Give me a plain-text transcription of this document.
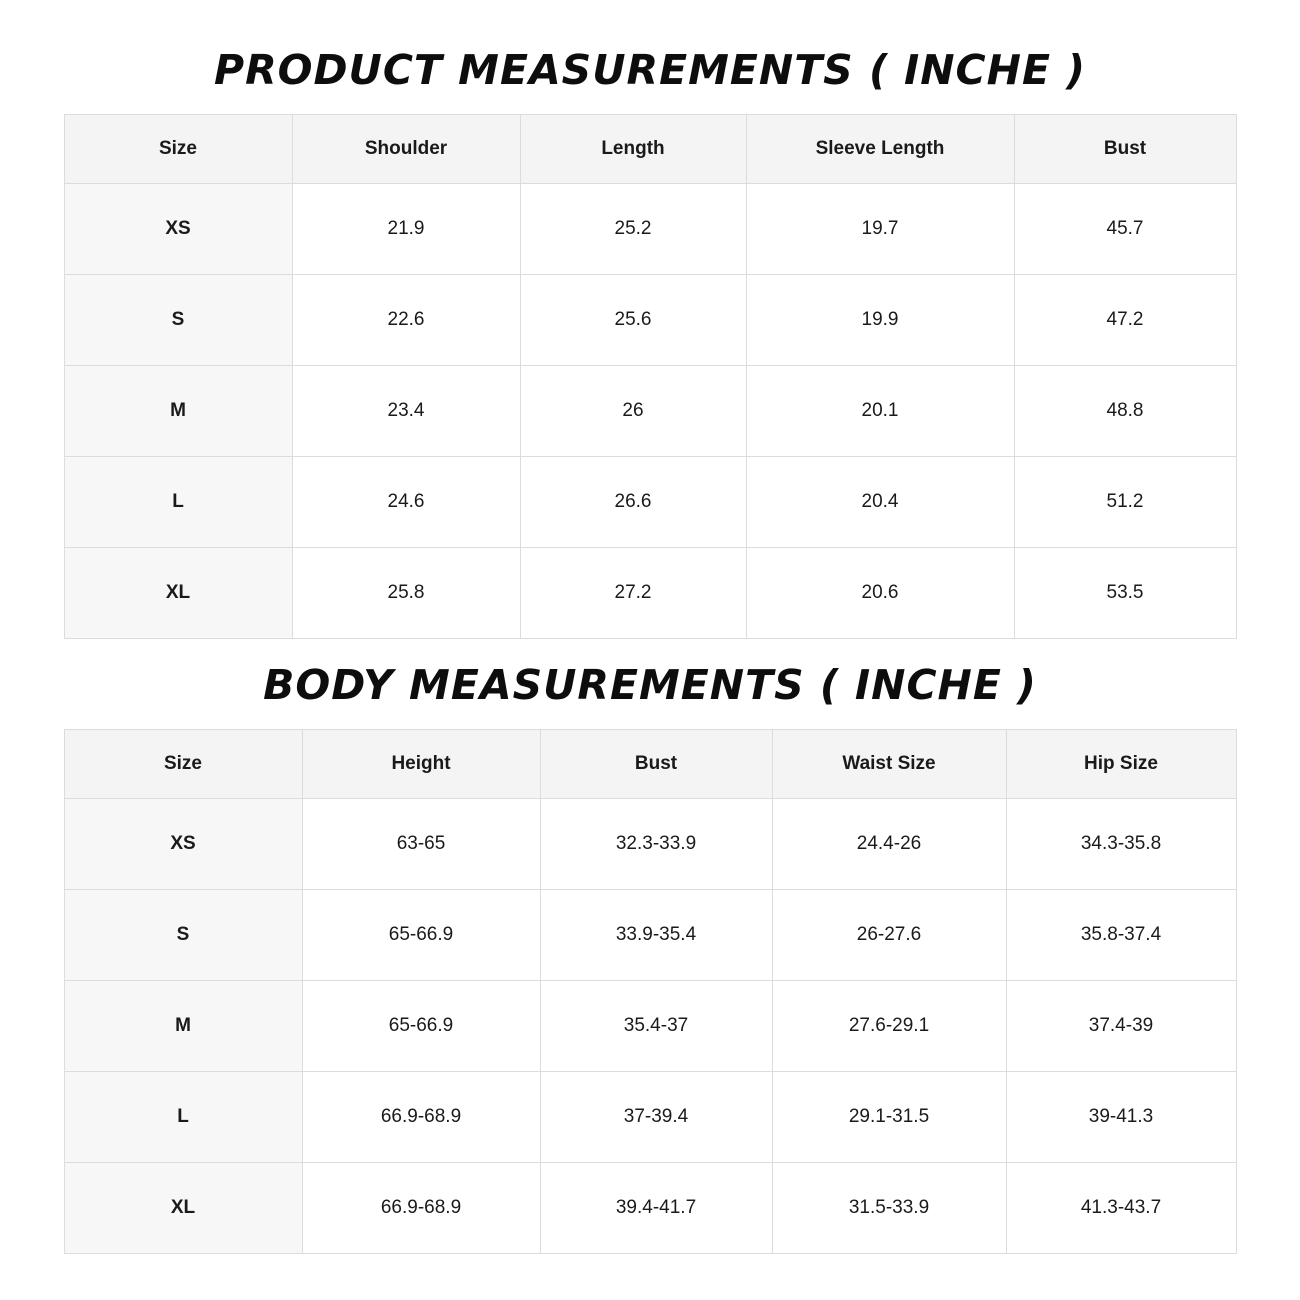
PRODUCT MEASUREMENTS ( INCHE )
Size	Shoulder	Length	Sleeve Length	Bust
XS	21.9	25.2	19.7	45.7
S	22.6	25.6	19.9	47.2
M	23.4	26	20.1	48.8
L	24.6	26.6	20.4	51.2
XL	25.8	27.2	20.6	53.5
BODY MEASUREMENTS ( INCHE )
Size	Height	Bust	Waist Size	Hip Size
XS	63-65	32.3-33.9	24.4-26	34.3-35.8
S	65-66.9	33.9-35.4	26-27.6	35.8-37.4
M	65-66.9	35.4-37	27.6-29.1	37.4-39
L	66.9-68.9	37-39.4	29.1-31.5	39-41.3
XL	66.9-68.9	39.4-41.7	31.5-33.9	41.3-43.7
